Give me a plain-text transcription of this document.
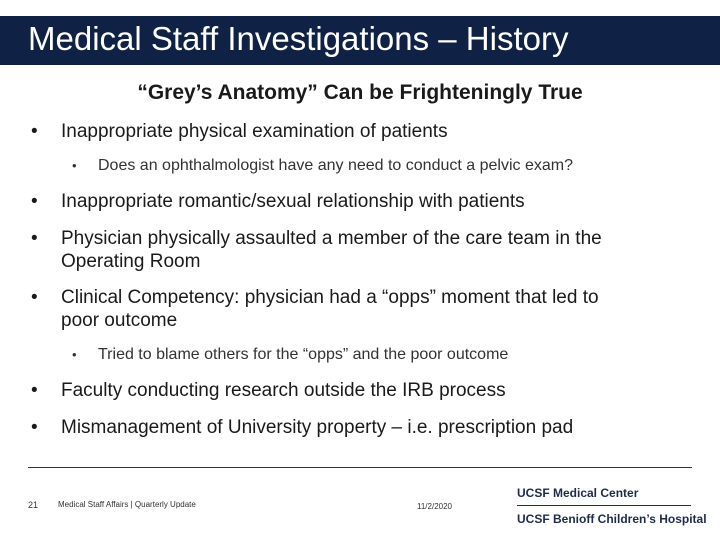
Medical Staff Investigations – History
“Grey’s Anatomy” Can be Frighteningly True
• Inappropriate physical examination of patients
• Does an ophthalmologist have any need to conduct a pelvic exam?
• Inappropriate romantic/sexual relationship with patients
• Physician physically assaulted a member of the care team in the
Operating Room
• Clinical Competency: physician had a “opps” moment that led to
poor outcome
• Tried to blame others for the “opps” and the poor outcome
• Faculty conducting research outside the IRB process
• Mismanagement of University property – i.e. prescription pad
21 Medical Staff Affairs | Quarterly Update	11/2/2020
UCSF Medical Center
UCSF Benioff Children’s Hospital
